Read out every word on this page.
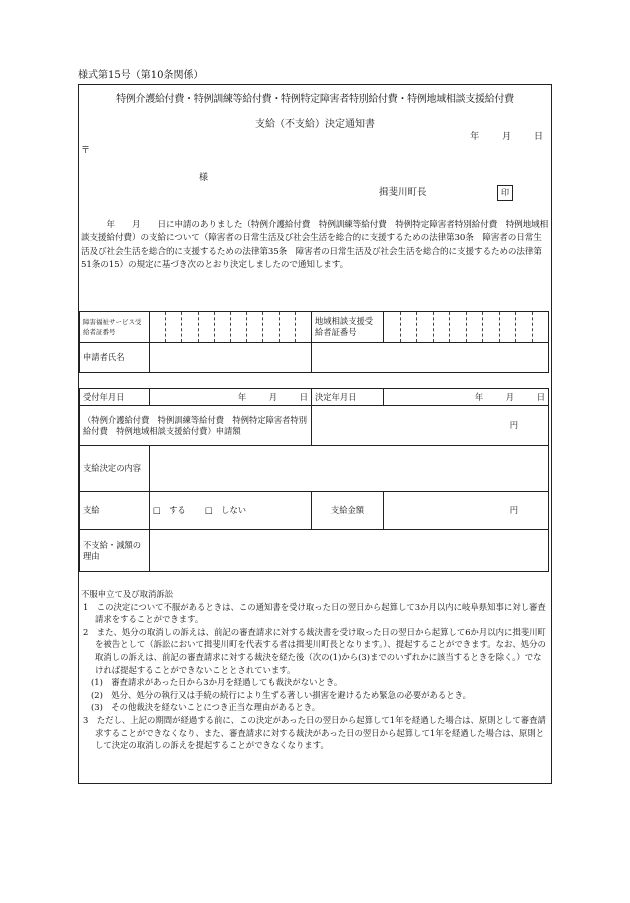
様式第15号（第10条関係）
特例介護給付費・特例訓練等給付費・特例特定障害者特別給付費・特例地域相談支援給付費
支給（不支給）決定通知書
年 月 日
〒
様
揖斐川町長	印
　　　年　　月　　日に申請のありました（特例介護給付費　特例訓練等給付費　特例特定障害者特別給付費　特例地域相談支援給付費）の支給について（障害者の日常生活及び社会生活を総合的に支援するための法律第30条　障害者の日常生活及び社会生活を総合的に支援するための法律第35条　障害者の日常生活及び社会生活を総合的に支援するための法律第51条の15）の規定に基づき次のとおり決定しましたので通知します。
障害福祉サービス受給者証番号		地域相談支援受給者証番号	

申請者氏名			
受付年月日	年 月 日	決定年月日	年 月 日
（特例介護給付費　特例訓練等給付費　特例特定障害者特別給付費　特例地域相談支援給付費）申請額		円	
支給決定の内容			
支給	□　する □　しない	支給金額	円
不支給・減額の理由			

不服申立て及び取消訴訟

1　この決定について不服があるときは、この通知書を受け取った日の翌日から起算して3か月以内に岐阜県知事に対し審査請求をすることができます。

2　また、処分の取消しの訴えは、前記の審査請求に対する裁決書を受け取った日の翌日から起算して6か月以内に揖斐川町を被告として（訴訟において揖斐川町を代表する者は揖斐川町長となります。）、提起することができます。なお、処分の取消しの訴えは、前記の審査請求に対する裁決を経た後（次の(1)から(3)までのいずれかに該当するときを除く。）でなければ提起することができないこととされています。

(1)　審査請求があった日から3か月を経過しても裁決がないとき。

(2)　処分、処分の執行又は手続の続行により生ずる著しい損害を避けるため緊急の必要があるとき。

(3)　その他裁決を経ないことにつき正当な理由があるとき。

3　ただし、上記の期間が経過する前に、この決定があった日の翌日から起算して1年を経過した場合は、原則として審査請求することができなくなり、また、審査請求に対する裁決があった日の翌日から起算して1年を経過した場合は、原則として決定の取消しの訴えを提起することができなくなります。
